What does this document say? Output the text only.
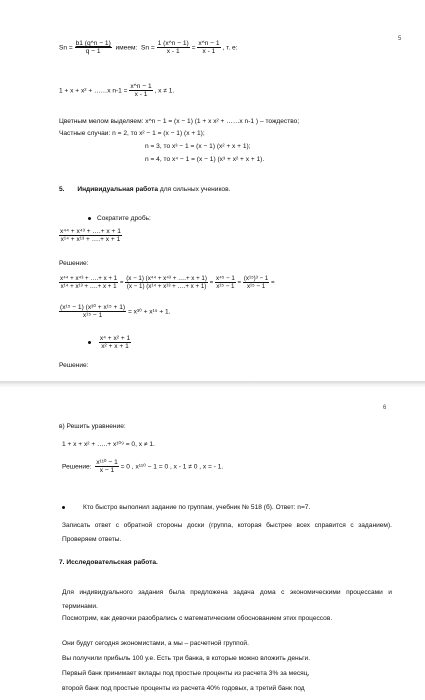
5
$Sn = \frac{b1 (q\^{}n - 1)}{q - 1}$ имеем: $Sn = \frac{1 (x\^{}n - 1)}{x - 1} = \frac{x\^{}n - 1}{x - 1}$ , т. е:
1 + x + x² + ……x $n-1 = \frac{x\^{}n - 1}{x - 1}$ , x ≠ 1.
Цветным мелом выделяем: x^n − 1 = (x − 1) (1 + x x² + ……x n-1 ) – тождество;
Частные случаи: n = 2, то x² − 1 = (x − 1) (x + 1);
n = 3, то x³ − 1 = (x − 1) (x² + x + 1);
n = 4, то x⁴ − 1 = (x − 1) (x³ + x² + x + 1).
5. Индивидуальная работа для сильных учеников.
Сократите дробь:
$\frac{\text{x⁴⁴ + x⁴³ + ….+ x + 1}}{\text{x¹⁴ + x¹³ + ….+ x + 1}}$
Решение:
$\frac{\text{x⁴⁴ + x⁴³ + ….+ x + 1}}{\text{x¹⁴ + x¹³ + ….+ x + 1}} = \frac{\text{(x − 1) (x⁴⁴ + x⁴³ + ….+ x + 1)}}{\text{(x − 1) (x¹⁴ + x¹³ + ….+ x + 1)}} = \frac{\text{x⁴⁵ − 1}}{\text{x¹⁵ − 1}} = \frac{\text{(x¹⁵)³ − 1}}{\text{x¹⁵ − 1}}$ =
$\frac{\text{(x¹⁵ − 1) (x³⁰ + x¹⁵ + 1)}}{\text{x¹⁵ − 1}} = x^{30} + x^{15} + 1$.

$\frac{\text{x⁴ + x² + 1}}{\text{x² + x + 1}}$
Решение:
6
в) Решить уравнение:
1 + x + x² + …..+ x¹⁰⁹ = 0, x ≠ 1.
Решение: $\frac{\text{x¹¹⁰ − 1}}{x - 1} = 0$ , x¹¹⁰ − 1 = 0 , x - 1 ≠ 0 , x = - 1.
Кто быстро выполнил задание по группам, учебник № 518 (б). Ответ: n=7.
Записать ответ с обратной стороны доски (группа, которая быстрее всех справится с заданием). Проверяем ответы.
7. Исследовательская работа.
Для индивидуального задания была предложена задача дома с экономическими процессами и терминами.
Посмотрим, как девочки разобрались с математическим обоснованием этих процессов.
Они будут сегодня экономистами, а мы – расчетной группой.
Вы получили прибыль 100 у.е. Есть три банка, в которые можно вложить деньги.
Первый банк принимает вклады под простые проценты из расчета 3% за месяц,
второй банк под простые проценты из расчета 40% годовых, а третий банк под
